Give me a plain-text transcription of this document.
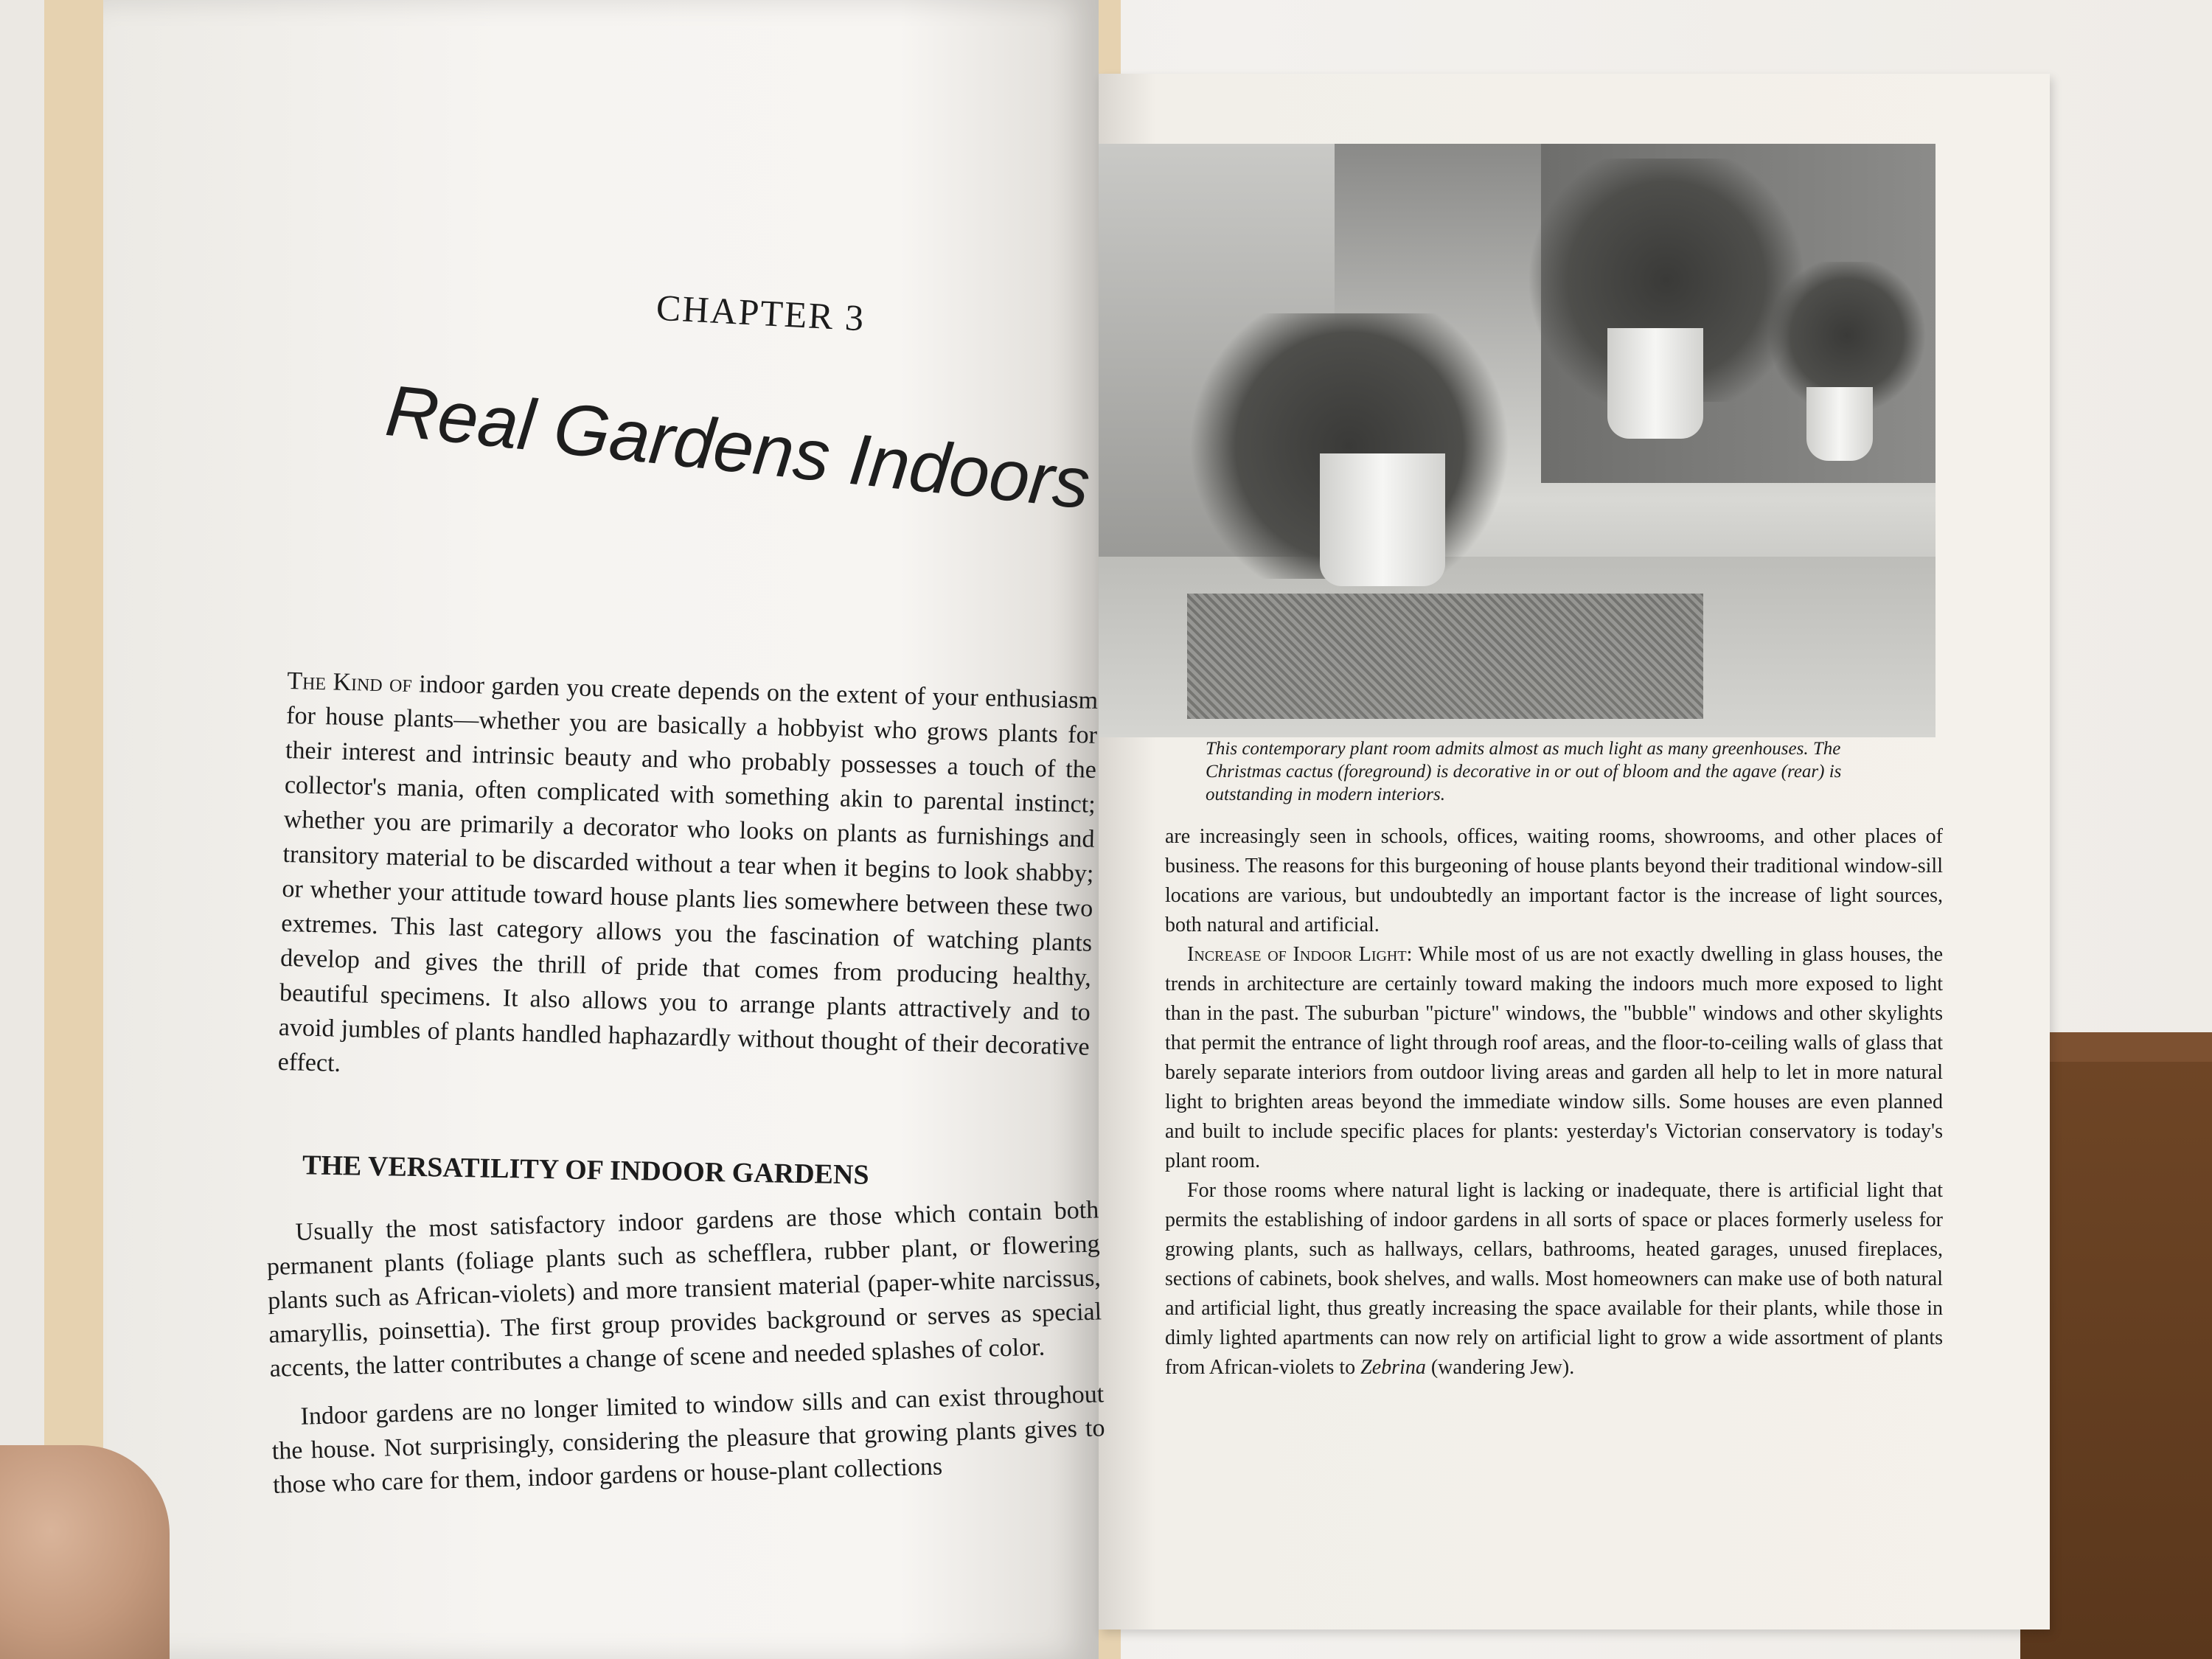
CHAPTER 3
Real Gardens Indoors
The Kind of indoor garden you create depends on the extent of your enthusiasm for house plants—whether you are basically a hobbyist who grows plants for their interest and intrinsic beauty and who probably possesses a touch of the collector's mania, often complicated with something akin to parental instinct; whether you are primarily a decorator who looks on plants as furnishings and transitory material to be discarded without a tear when it begins to look shabby; or whether your attitude toward house plants lies somewhere between these two extremes. This last category allows you the fascination of watching plants develop and gives the thrill of pride that comes from producing healthy, beautiful specimens. It also allows you to arrange plants attractively and to avoid jumbles of plants handled haphazardly without thought of their decorative effect.
THE VERSATILITY OF INDOOR GARDENS

Usually the most satisfactory indoor gardens are those which contain both permanent plants (foliage plants such as schefflera, rubber plant, or flowering plants such as African-violets) and more transient material (paper-white narcissus, amaryllis, poinsettia). The first group provides background or serves as special accents, the latter contributes a change of scene and needed splashes of color.

Indoor gardens are no longer limited to window sills and can exist throughout the house. Not surprisingly, considering the pleasure that growing plants gives to those who care for them, indoor gardens or house-plant collections

This contemporary plant room admits almost as much light as many greenhouses. The Christmas cactus (foreground) is decorative in or out of bloom and the agave (rear) is outstanding in modern interiors.

are increasingly seen in schools, offices, waiting rooms, showrooms, and other places of business. The reasons for this burgeoning of house plants beyond their traditional window-sill locations are various, but undoubtedly an important factor is the increase of light sources, both natural and artificial.

Increase of Indoor Light: While most of us are not exactly dwelling in glass houses, the trends in architecture are certainly toward making the indoors much more exposed to light than in the past. The suburban "picture" windows, the "bubble" windows and other skylights that permit the entrance of light through roof areas, and the floor-to-ceiling walls of glass that barely separate interiors from outdoor living areas and garden all help to let in more natural light to brighten areas beyond the immediate window sills. Some houses are even planned and built to include specific places for plants: yesterday's Victorian conservatory is today's plant room.

For those rooms where natural light is lacking or inadequate, there is artificial light that permits the establishing of indoor gardens in all sorts of space or places formerly useless for growing plants, such as hallways, cellars, bathrooms, heated garages, unused fireplaces, sections of cabinets, book shelves, and walls. Most homeowners can make use of both natural and artificial light, thus greatly increasing the space available for their plants, while those in dimly lighted apartments can now rely on artificial light to grow a wide assortment of plants from African-violets to Zebrina (wandering Jew).
